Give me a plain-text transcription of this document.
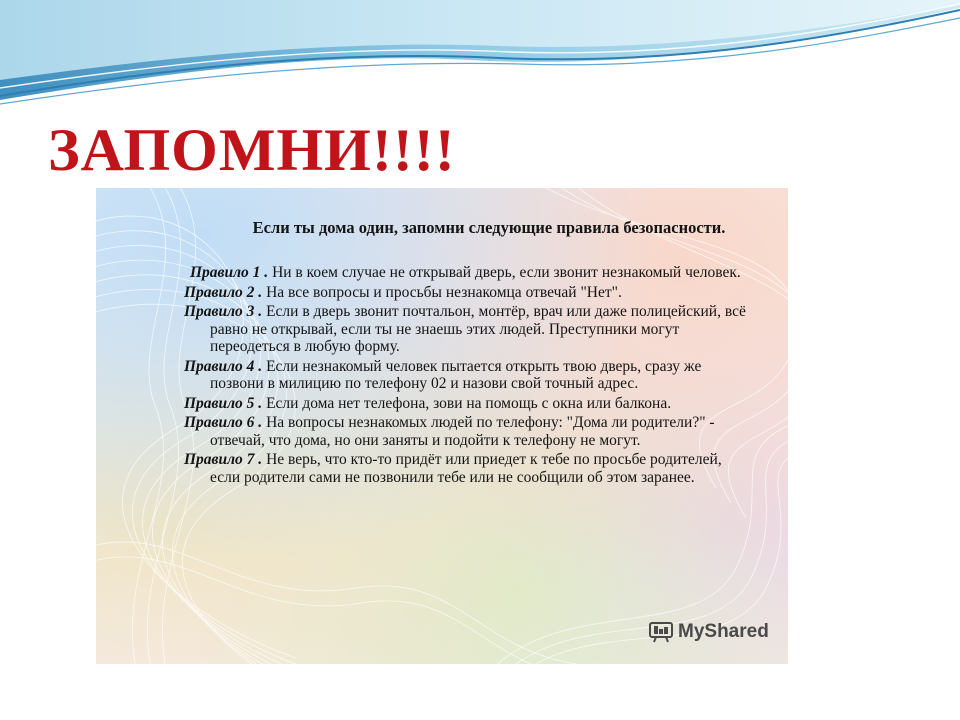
ЗАПОМНИ!!!!
Если ты дома один, запомни следующие правила безопасности.

Правило 1 . Ни в коем случае не открывай дверь, если звонит незнакомый человек.

Правило 2 . На все вопросы и просьбы незнакомца отвечай "Нет".

Правило 3 . Если в дверь звонит почтальон, монтёр, врач или даже полицейский, всё равно не открывай, если ты не знаешь этих людей. Преступники могут переодеться в любую форму.

Правило 4 . Если незнакомый человек пытается открыть твою дверь, сразу же позвони в милицию по телефону 02 и назови свой точный адрес.

Правило 5 . Если дома нет телефона, зови на помощь с окна или балкона.

Правило 6 . На вопросы незнакомых людей по телефону: "Дома ли родители?" - отвечай, что дома, но они заняты и подойти к телефону не могут.

Правило 7 . Не верь, что кто-то придёт или приедет к тебе по просьбе родителей, если родители сами не позвонили тебе или не сообщили об этом заранее.

MyShared
